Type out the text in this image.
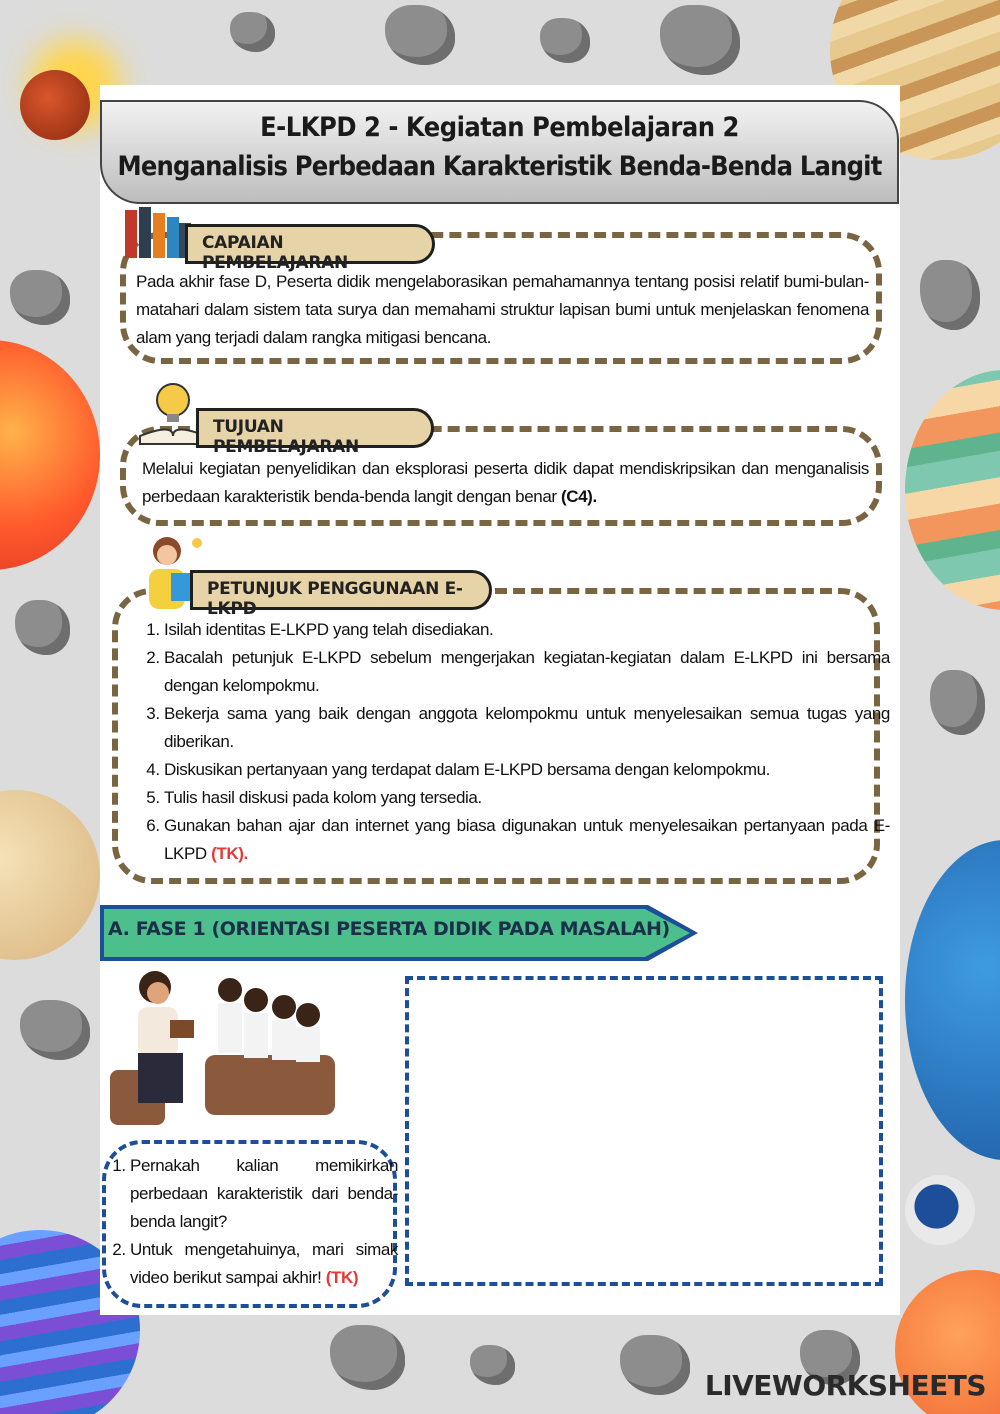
E-LKPD 2 - Kegiatan Pembelajaran 2
Menganalisis Perbedaan Karakteristik Benda-Benda Langit
CAPAIAN PEMBELAJARAN
Pada akhir fase D, Peserta didik mengelaborasikan pemahamannya tentang posisi relatif bumi-bulan-matahari dalam sistem tata surya dan memahami struktur lapisan bumi untuk menjelaskan fenomena alam yang terjadi dalam rangka mitigasi bencana.
TUJUAN PEMBELAJARAN
Melalui kegiatan penyelidikan dan eksplorasi peserta didik dapat mendiskripsikan dan menganalisis perbedaan karakteristik benda-benda langit dengan benar (C4).
PETUNJUK PENGGUNAAN E-LKPD
1. Isilah identitas E-LKPD yang telah disediakan.
2. Bacalah petunjuk E-LKPD sebelum mengerjakan kegiatan-kegiatan dalam E-LKPD ini bersama dengan kelompokmu.
3. Bekerja sama yang baik dengan anggota kelompokmu untuk menyelesaikan semua tugas yang diberikan.
4. Diskusikan pertanyaan yang terdapat dalam E-LKPD bersama dengan kelompokmu.
5. Tulis hasil diskusi pada kolom yang tersedia.
6. Gunakan bahan ajar dan internet yang biasa digunakan untuk menyelesaikan pertanyaan pada E-LKPD (TK).
A. FASE 1 (ORIENTASI PESERTA DIDIK PADA MASALAH)
1. Pernakah kalian memikirkan perbedaan karakteristik dari benda-benda langit?
2. Untuk mengetahuinya, mari simak video berikut sampai akhir! (TK)
LIVEWORKSHEETS
